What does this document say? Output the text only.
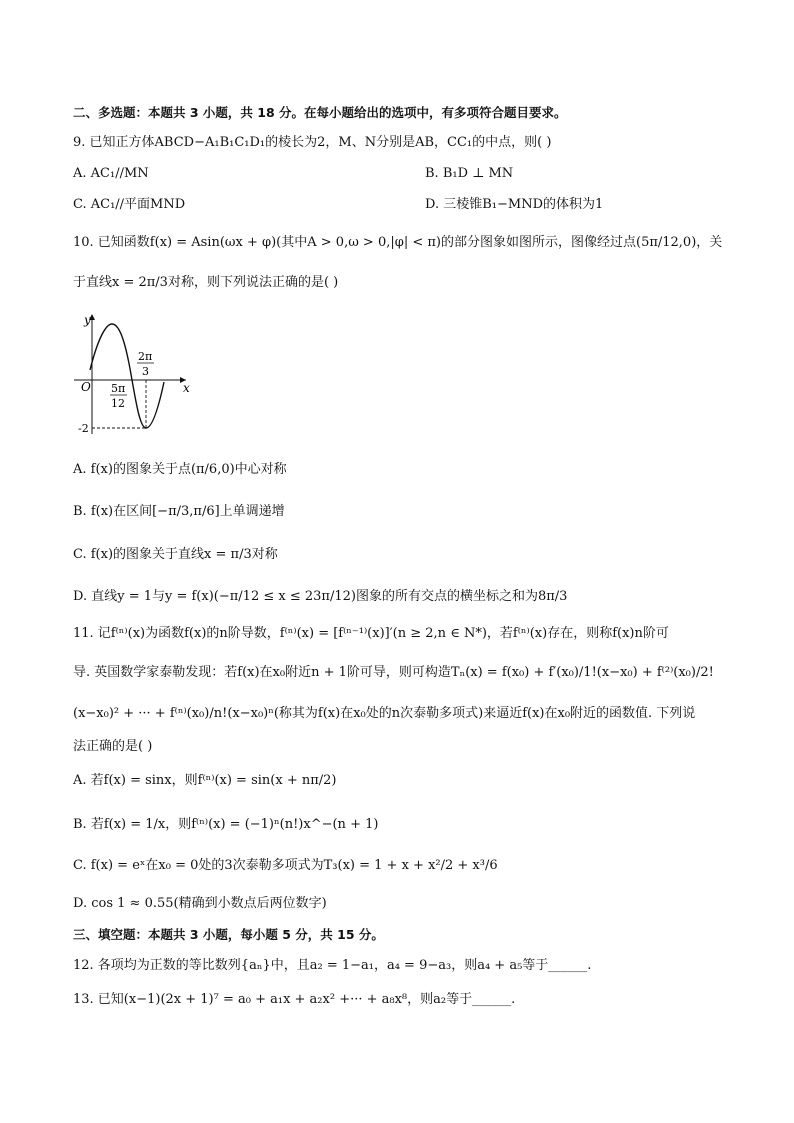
二、多选题：本题共 3 小题，共 18 分。在每小题给出的选项中，有多项符合题目要求。
9. 已知正方体ABCD−A₁B₁C₁D₁的棱长为2，M、N分别是AB，CC₁的中点，则( )
A. AC₁//MN	B. B₁D ⊥ MN
C. AC₁//平面MND	D. 三棱锥B₁−MND的体积为1
10. 已知函数f(x) = Asin(ωx + φ)(其中A > 0,ω > 0,|φ| < π)的部分图象如图所示，图像经过点(5π/12,0)，关
于直线x = 2π/3对称，则下列说法正确的是( )
y
x
O
2π
3
5π
12
-2
A. f(x)的图象关于点(π/6,0)中心对称
B. f(x)在区间[−π/3,π/6]上单调递增
C. f(x)的图象关于直线x = π/3对称
D. 直线y = 1与y = f(x)(−π/12 ≤ x ≤ 23π/12)图象的所有交点的横坐标之和为8π/3
11. 记f⁽ⁿ⁾(x)为函数f(x)的n阶导数，f⁽ⁿ⁾(x) = [f⁽ⁿ⁻¹⁾(x)]′(n ≥ 2,n ∈ N*)，若f⁽ⁿ⁾(x)存在，则称f(x)n阶可
导. 英国数学家泰勒发现：若f(x)在x₀附近n + 1阶可导，则可构造Tₙ(x) = f(x₀) + f′(x₀)/1!(x−x₀) + f⁽²⁾(x₀)/2!
(x−x₀)² + ··· + f⁽ⁿ⁾(x₀)/n!(x−x₀)ⁿ(称其为f(x)在x₀处的n次泰勒多项式)来逼近f(x)在x₀附近的函数值. 下列说
法正确的是( )
A. 若f(x) = sinx，则f⁽ⁿ⁾(x) = sin(x + nπ/2)
B. 若f(x) = 1/x，则f⁽ⁿ⁾(x) = (−1)ⁿ(n!)x^−(n + 1)
C. f(x) = eˣ在x₀ = 0处的3次泰勒多项式为T₃(x) = 1 + x + x²/2 + x³/6
D. cos 1 ≈ 0.55(精确到小数点后两位数字)
三、填空题：本题共 3 小题，每小题 5 分，共 15 分。
12. 各项均为正数的等比数列{aₙ}中，且a₂ = 1−a₁，a₄ = 9−a₃，则a₄ + a₅等于______.
13. 已知(x−1)(2x + 1)⁷ = a₀ + a₁x + a₂x² +··· + a₈x⁸，则a₂等于______.
